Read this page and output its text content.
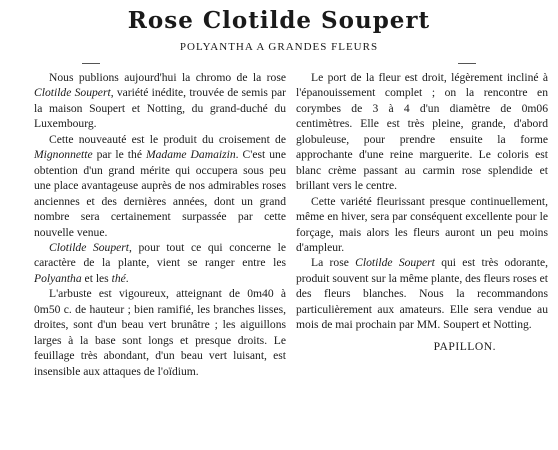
Rose Clotilde Soupert
POLYANTHA A GRANDES FLEURS

Nous publions aujourd'hui la chromo de la rose Clotilde Soupert, variété inédite, trouvée de semis par la maison Soupert et Notting, du grand-duché du Luxembourg.

Cette nouveauté est le produit du croisement de Mignonnette par le thé Madame Damaizin. C'est une obtention d'un grand mérite qui occupera sous peu une place avantageuse auprès de nos admirables roses anciennes et des dernières années, dont un grand nombre sera certainement surpassée par cette nouvelle venue.

Clotilde Soupert, pour tout ce qui concerne le caractère de la plante, vient se ranger entre les Polyantha et les thé.

L'arbuste est vigoureux, atteignant de 0m40 à 0m50 c. de hauteur ; bien ramifié, les branches lisses, droites, sont d'un beau vert brunâtre ; les aiguillons larges à la base sont longs et presque droits. Le feuillage très abondant, d'un beau vert luisant, est insensible aux attaques de l'oïdium.

Le port de la fleur est droit, légèrement incliné à l'épanouissement complet ; on la rencontre en corymbes de 3 à 4 d'un diamètre de 0m06 centimètres. Elle est très pleine, grande, d'abord globuleuse, pour prendre ensuite la forme approchante d'une reine marguerite. Le coloris est blanc crème passant au carmin rose splendide et brillant vers le centre.

Cette variété fleurissant presque continuellement, même en hiver, sera par conséquent excellente pour le forçage, mais alors les fleurs auront un peu moins d'ampleur.

La rose Clotilde Soupert qui est très odorante, produit souvent sur la même plante, des fleurs roses et des fleurs blanches. Nous la recommandons particulièrement aux amateurs. Elle sera vendue au mois de mai prochain par MM. Soupert et Notting.

PAPILLON.
